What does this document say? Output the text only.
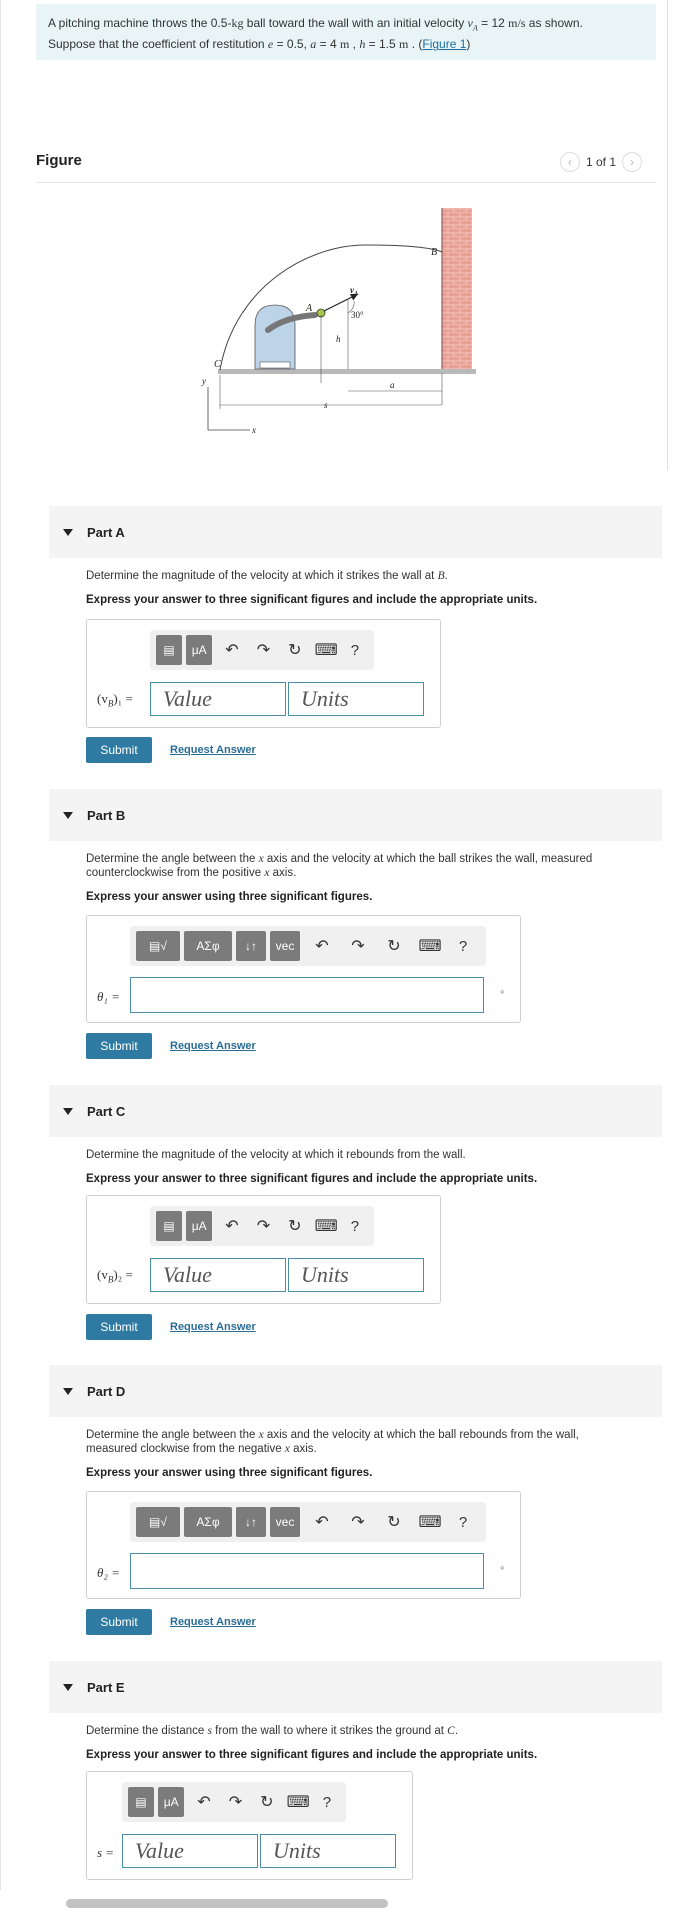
A pitching machine throws the 0.5-kg ball toward the wall with an initial velocity $v_A = 12$ m/s as shown.
Suppose that the coefficient of restitution e = 0.5, a = 4 m , h = 1.5 m . (Figure 1)
Figure	‹	1 of 1	›
B
A
$v_A$
30°
h
a
s
C
y
x
Part A
Determine the magnitude of the velocity at which it strikes the wall at B.
Express your answer to three significant figures and include the appropriate units.
▤	μA	↶	↷	↻ ⌨ ?
$(v_B)_1$ =	Value	Units
Submit	Request Answer
Part B
Determine the angle between the x axis and the velocity at which the ball strikes the wall, measured
counterclockwise from the positive x axis.
Express your answer using three significant figures.
▤√	ΑΣφ	↓↑	vec	↶	↷	↻	⌨	?
θ₁ =	∘
Submit	Request Answer
Part C
Determine the magnitude of the velocity at which it rebounds from the wall.
Express your answer to three significant figures and include the appropriate units.
▤	μA	↶	↷	↻ ⌨ ?
$(v_B)_2$ =	Value	Units
Submit	Request Answer
Part D
Determine the angle between the x axis and the velocity at which the ball rebounds from the wall,
measured clockwise from the negative x axis.
Express your answer using three significant figures.
▤√	ΑΣφ	↓↑	vec	↶	↷	↻	⌨	?
θ₂ =	∘
Submit	Request Answer
Part E
Determine the distance s from the wall to where it strikes the ground at C.
Express your answer to three significant figures and include the appropriate units.
▤	μA	↶	↷	↻ ⌨ ?
s = Value	Units
